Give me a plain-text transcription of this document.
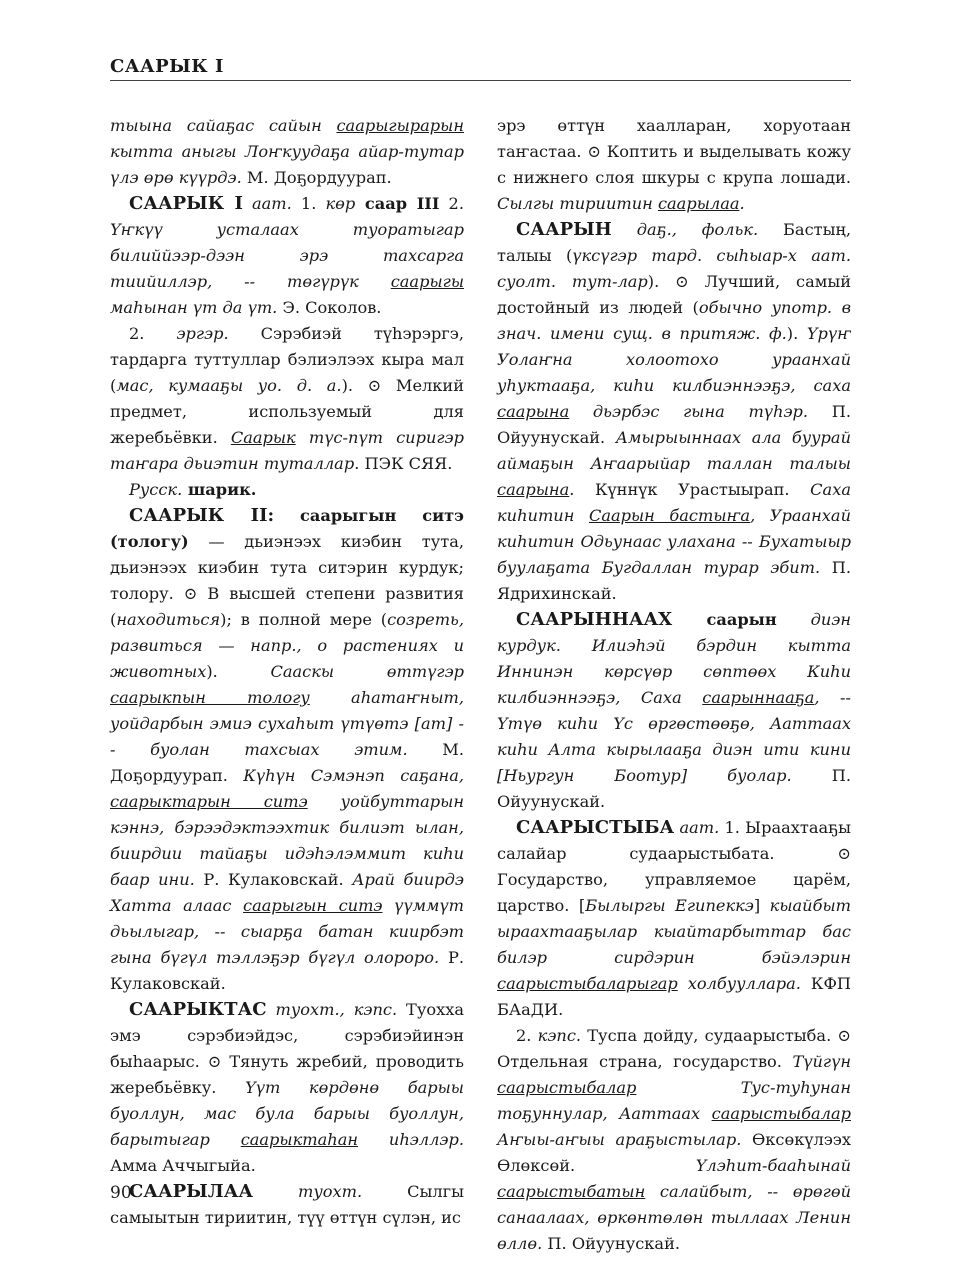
СААРЫК I

тыына сайаҕас сайын саарыгырарын кытта аныгы Лоҥкуудаҕа айар-тутар үлэ өрө күүрдэ. М. Доҕордуурап.

СААРЫК I аат. 1. көр саар III 2. Үҥкүү усталаах туоратыгар билиййээр-дээн эрэ тахсарга тиийиллэр, -- төгүрүк саарыгы маһынан үт да үт. Э. Соколов.

2. эргэр. Сэрэбиэй түһэрэргэ, тардарга туттуллар бэлиэлээх кыра мал (мас, кумааҕы уо. д. а.). ⊙ Мелкий предмет, используемый для жеребьёвки. Саарык түс-пүт сиригэр таҥара дьиэтин туталлар. ПЭК СЯЯ.

Русск. шарик.

СААРЫК II: саарыгын ситэ (тологу) — дьиэнээх киэбин тута, дьиэнээх киэбин тута ситэрин курдук; толору. ⊙ В высшей степени развития (находиться); в полной мере (созреть, развиться — напр., о растениях и животных). Сааскы өттүгэр саарыкпын тологу аһатаҥныт, уойдарбын эмиэ сухаһыт үтүөтэ [ат] -- буолан тахсыах этим. М. Доҕордуурап. Күһүн Сэмэнэп саҕана, саарыктарын ситэ уойбуттарын кэннэ, бэрээдэктээхтик билиэт ылан, биирдии тайаҕы идэһэлэммит киһи баар ини. Р. Кулаковскай. Арай биирдэ Хатта алаас саарыгын ситэ үүммүт дьылыгар, -- сыарҕа батан киирбэт гына бүгүл тэллэҕэр бүгүл олороро. Р. Кулаковскай.

СААРЫКТАС туохт., кэпс. Туохха эмэ сэрэбиэйдэс, сэрэбиэйинэн быһаарыс. ⊙ Тянуть жребий, проводить жеребьёвку. Үүт көрдөнө барыы буоллун, мас була барыы буоллун, барытыгар саарыктаһан иһэллэр. Амма Аччыгыйа.

СААРЫЛАА туохт. Сылгы самыытын тириитин, түү өттүн сүлэн, ис

эрэ өттүн хаалларан, хоруотаан таҥастаа. ⊙ Коптить и выделывать кожу с нижнего слоя шкуры с крупа лошади. Сылгы тириитин саарылаа.

СААРЫН даҕ., фольк. Бастың, талыы (үксүгэр тард. сыһыар-х аат. суолт. тут-лар). ⊙ Лучший, самый достойный из людей (обычно употр. в знач. имени сущ. в притяж. ф.). Үрүҥ Уолаҥна холоотохо ураанхай уһуктааҕа, киһи килбиэннээҕэ, саха саарына дьэрбэс гына түһэр. П. Ойуунускай. Амырыыннаах ала буурай аймаҕын Аҥаарыйар таллан талыы саарына. Күннүк Урастыырап. Саха киһитин Саарын бастыҥа, Ураанхай киһитин Одьунаас улахана -- Бухатыыр буулаҕата Бугдаллан турар эбит. П. Ядрихинскай.

СААРЫННААХ саарын диэн курдук. Илиэһэй бэрдин кытта Иннинэн көрсүөр сөптөөх Киһи килбиэннээҕэ, Саха саарыннааҕа, -- Үтүө киһи Үс өргөстөөҕө, Ааттаах киһи Алта кырылааҕа диэн ити кини [Ньургун Боотур] буолар. П. Ойуунускай.

СААРЫСТЫБА аат. 1. Ыраахтааҕы салайар судаарыстыбата. ⊙ Государство, управляемое царём, царство. [Былыргы Египеккэ] кыайбыт ыраахтааҕылар кыайтарбыттар бас билэр сирдэрин бэйэлэрин саарыстыбаларыгар холбууллара. КФП БАаДИ.

2. кэпс. Туспа дойду, судаарыстыба. ⊙ Отдельная страна, государство. Түйгүн саарыстыбалар Тус-туһунан тоҕуннулар, Ааттаах саарыстыбалар Аҥыы-аҥыы араҕыстылар. Өксөкүлээх Өлөксөй. Үлэһит-бааһынай саарыстыбатын салайбыт, -- өрөгөй санаалаах, өркөнтөлөн тыллаах Ленин өллө. П. Ойуунускай.

90
